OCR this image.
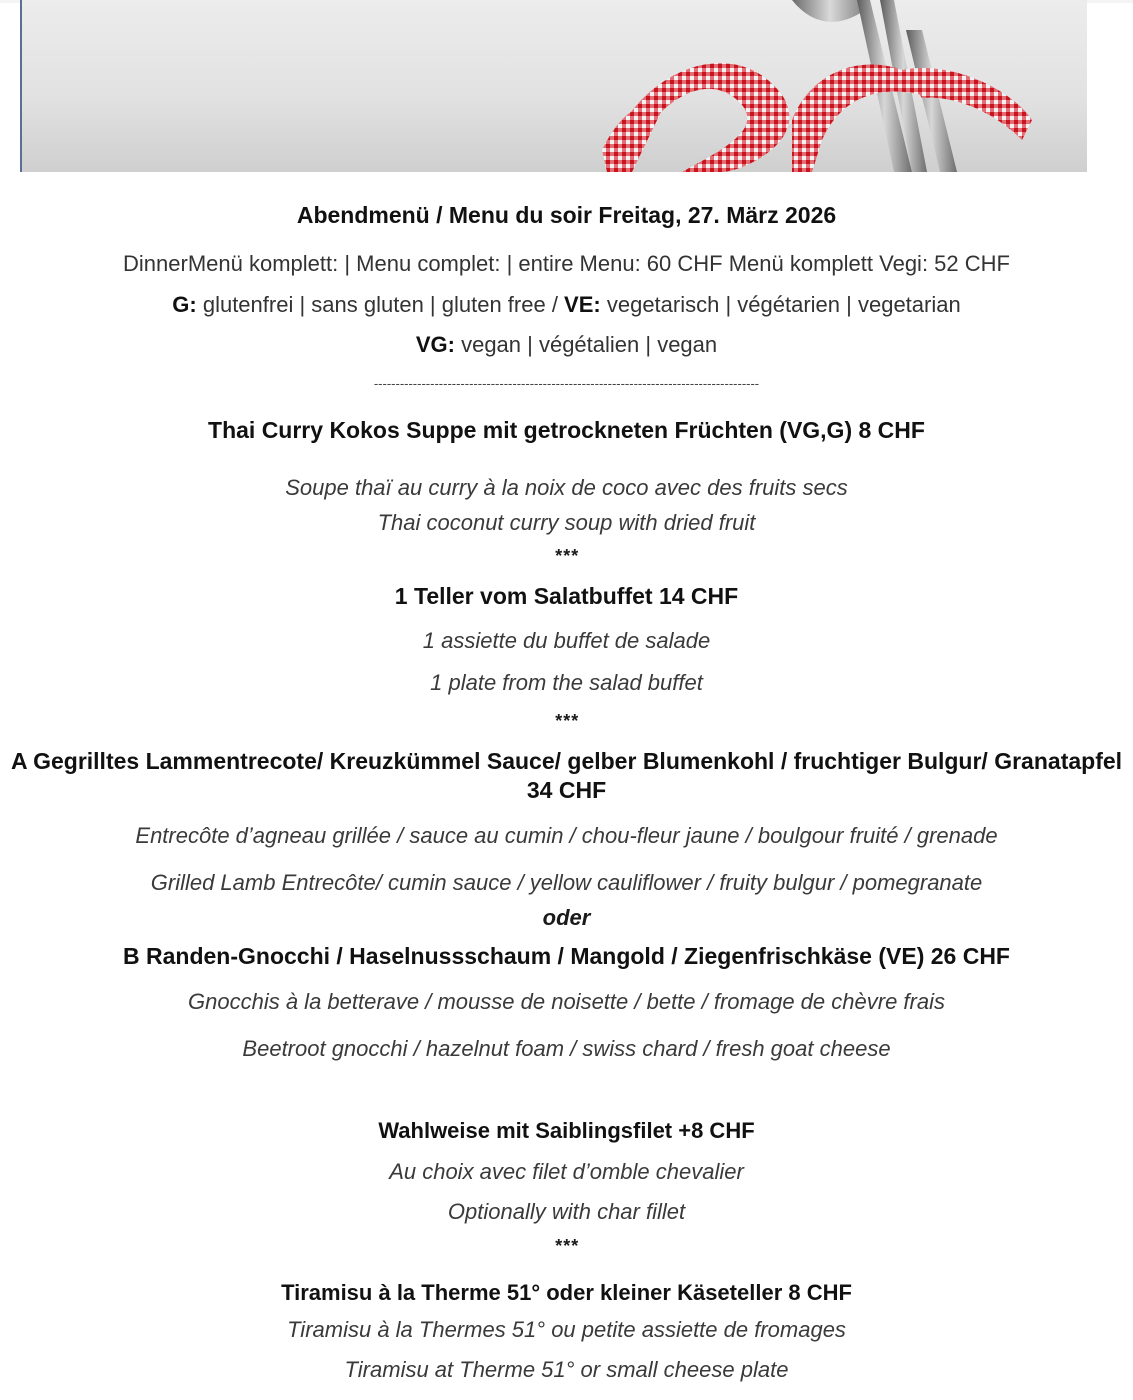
Abendmenü / Menu du soir Freitag, 27. März 2026
DinnerMenü komplett: | Menu complet: | entire Menu: 60 CHF Menü komplett Vegi: 52 CHF
G: glutenfrei | sans gluten | gluten free / VE: vegetarisch | végétarien | vegetarian
VG: vegan | végétalien | vegan
-----------------------------------------------------------------------------------------
Thai Curry Kokos Suppe mit getrockneten Früchten (VG,G) 8 CHF
Soupe thaï au curry à la noix de coco avec des fruits secs
Thai coconut curry soup with dried fruit
***
1 Teller vom Salatbuffet 14 CHF
1 assiette du buffet de salade
1 plate from the salad buffet
***
A Gegrilltes Lammentrecote/ Kreuzkümmel Sauce/ gelber Blumenkohl / fruchtiger Bulgur/ Granatapfel 34 CHF
Entrecôte d’agneau grillée / sauce au cumin / chou-fleur jaune / boulgour fruité / grenade
Grilled Lamb Entrecôte/ cumin sauce / yellow cauliflower / fruity bulgur / pomegranate
oder
B Randen-Gnocchi / Haselnussschaum / Mangold / Ziegenfrischkäse (VE) 26 CHF
Gnocchis à la betterave / mousse de noisette / bette / fromage de chèvre frais
Beetroot gnocchi / hazelnut foam / swiss chard / fresh goat cheese
Wahlweise mit Saiblingsfilet +8 CHF
Au choix avec filet d’omble chevalier
Optionally with char fillet
***
Tiramisu à la Therme 51° oder kleiner Käseteller 8 CHF
Tiramisu à la Thermes 51° ou petite assiette de fromages
Tiramisu at Therme 51° or small cheese plate
